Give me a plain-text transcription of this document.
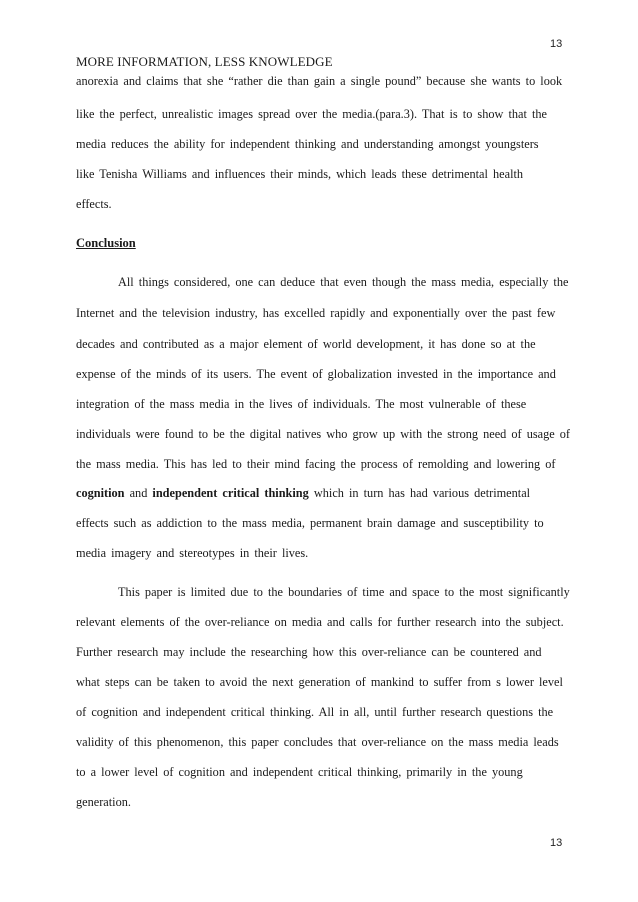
13
MORE INFORMATION, LESS KNOWLEDGE
anorexia and claims that she “rather die than gain a single pound” because she wants to look
like the perfect, unrealistic images spread over the media.(para.3). That is to show that the
media reduces the ability for independent thinking and understanding amongst youngsters
like Tenisha Williams and influences their minds, which leads these detrimental health
effects.
Conclusion
All things considered, one can deduce that even though the mass media, especially the
Internet and the television industry, has excelled rapidly and exponentially over the past few
decades and contributed as a major element of world development, it has done so at the
expense of the minds of its users. The event of globalization invested in the importance and
integration of the mass media in the lives of individuals. The most vulnerable of these
individuals were found to be the digital natives who grow up with the strong need of usage of
the mass media. This has led to their mind facing the process of remolding and lowering of
cognition and independent critical thinking which in turn has had various detrimental
effects such as addiction to the mass media, permanent brain damage and susceptibility to
media imagery and stereotypes in their lives.
This paper is limited due to the boundaries of time and space to the most significantly
relevant elements of the over-reliance on media and calls for further research into the subject.
Further research may include the researching how this over-reliance can be countered and
what steps can be taken to avoid the next generation of mankind to suffer from s lower level
of cognition and independent critical thinking. All in all, until further research questions the
validity of this phenomenon, this paper concludes that over-reliance on the mass media leads
to a lower level of cognition and independent critical thinking, primarily in the young
generation.
13
